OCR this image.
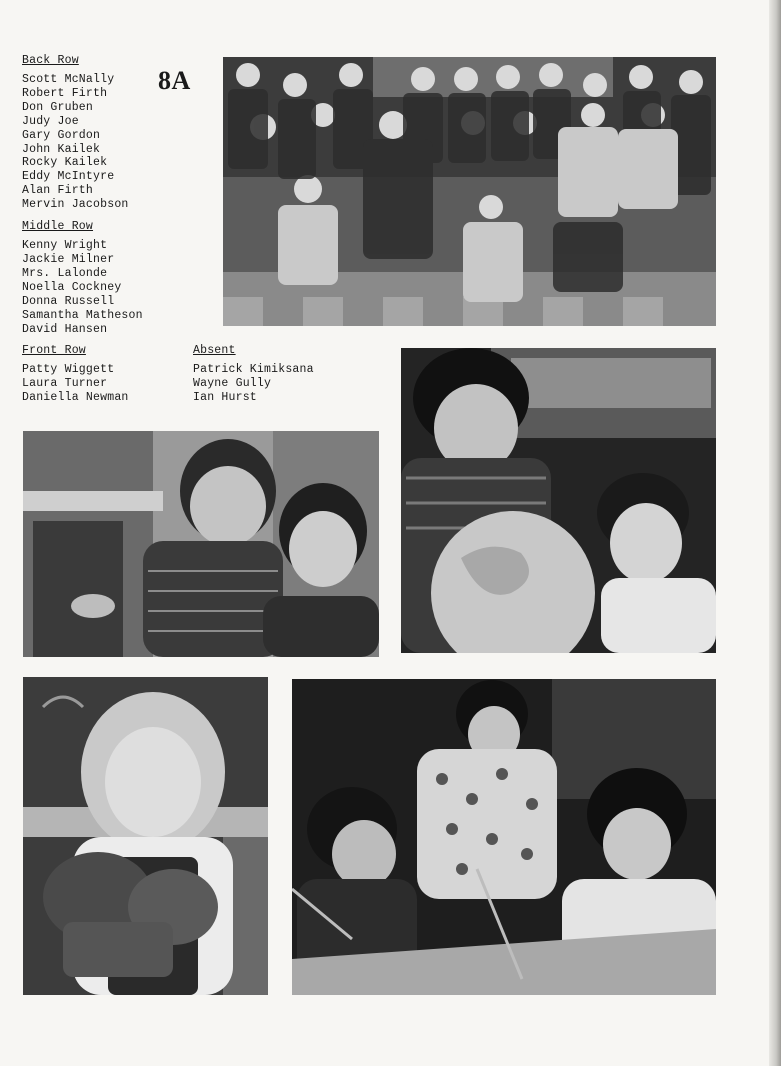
Back Row
Scott McNally
Robert Firth
Don Gruben
Judy Joe
Gary Gordon
John Kailek
Rocky Kailek
Eddy McIntyre
Alan Firth
Mervin Jacobson
Middle Row
Kenny Wright
Jackie Milner
Mrs. Lalonde
Noella Cockney
Donna Russell
Samantha Matheson
David Hansen
Front Row
Patty Wiggett
Laura Turner
Daniella Newman
8A
Absent
Patrick Kimiksana
Wayne Gully
Ian Hurst
